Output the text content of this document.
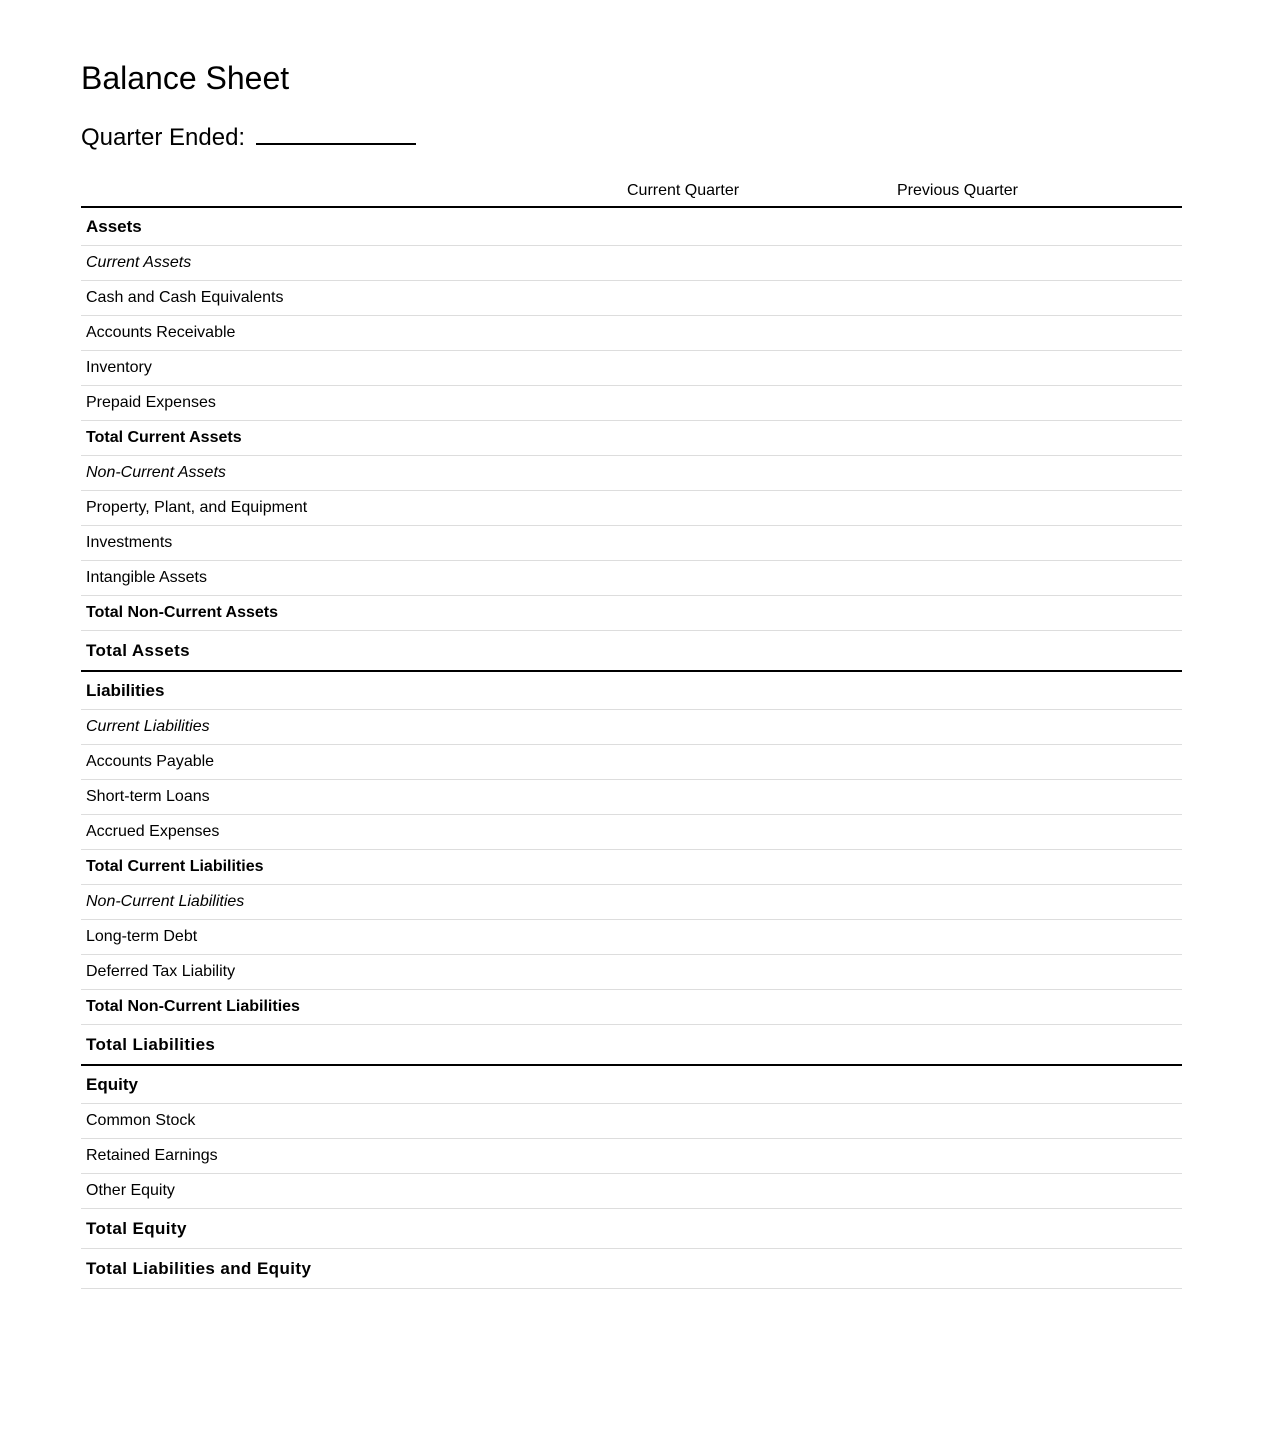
Balance Sheet
Quarter Ended:
	Current Quarter	Previous Quarter
Assets		
Current Assets		
Cash and Cash Equivalents		
Accounts Receivable		
Inventory		
Prepaid Expenses		
Total Current Assets		
Non-Current Assets		
Property, Plant, and Equipment		
Investments		
Intangible Assets		
Total Non-Current Assets		
Total Assets		
Liabilities		
Current Liabilities		
Accounts Payable		
Short-term Loans		
Accrued Expenses		
Total Current Liabilities		
Non-Current Liabilities		
Long-term Debt		
Deferred Tax Liability		
Total Non-Current Liabilities		
Total Liabilities		
Equity		
Common Stock		
Retained Earnings		
Other Equity		
Total Equity		
Total Liabilities and Equity		
